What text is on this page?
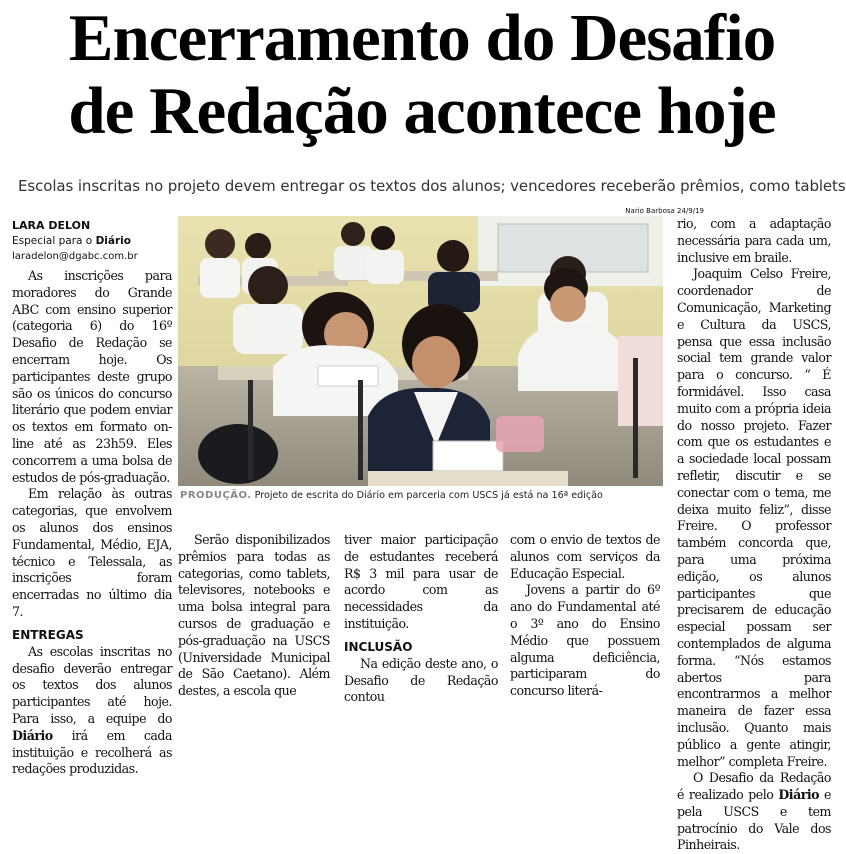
Encerramento do Desafio
de Redação acontece hoje
Escolas inscritas no projeto devem entregar os textos dos alunos; vencedores receberão prêmios, como tablets
LARA DELON
Especial para o Diário
laradelon@dgabc.com.br
Nario Barbosa 24/9/19
PRODUÇÃO. Projeto de escrita do Diário em parceria com USCS já está na 16ª edição

As inscrições para moradores do Grande ABC com ensino superior (categoria 6) do 16º Desafio de Redação se encerram hoje. Os participantes deste grupo são os únicos do concurso literário que podem enviar os textos em formato on-line até as 23h59. Eles concorrem a uma bolsa de estudos de pós-graduação.

Em relação às outras categorias, que envolvem os alunos dos ensinos Fundamental, Médio, EJA, técnico e Telessala, as inscrições foram encerradas no último dia 7.

ENTREGAS

As escolas inscritas no desafio deverão entregar os textos dos alunos participantes até hoje. Para isso, a equipe do Diário irá em cada instituição e recolherá as redações produzidas.

Serão disponibilizados prêmios para todas as categorias, como tablets, televisores, notebooks e uma bolsa integral para cursos de graduação e pós-graduação na USCS (Universidade Municipal de São Caetano). Além destes, a escola que

tiver maior participação de estudantes receberá R$ 3 mil para usar de acordo com as necessidades da instituição.

INCLUSÃO

Na edição deste ano, o Desafio de Redação contou

com o envio de textos de alunos com serviços da Educação Especial.

Jovens a partir do 6º ano do Fundamental até o 3º ano do Ensino Médio que possuem alguma deficiência, participaram do concurso literá-

rio, com a adaptação necessária para cada um, inclusive em braile.

Joaquim Celso Freire, coordenador de Comunicação, Marketing e Cultura da USCS, pensa que essa inclusão social tem grande valor para o concurso. “ É formidável. Isso casa muito com a própria ideia do nosso projeto. Fazer com que os estudantes e a sociedade local possam refletir, discutir e se conectar com o tema, me deixa muito feliz”, disse Freire. O professor também concorda que, para uma próxima edição, os alunos participantes que precisarem de educação especial possam ser contemplados de alguma forma. “Nós estamos abertos para encontrarmos a melhor maneira de fazer essa inclusão. Quanto mais público a gente atingir, melhor” completa Freire.

O Desafio da Redação é realizado pelo Diário e pela USCS e tem patrocínio do Vale dos Pinheirais.
